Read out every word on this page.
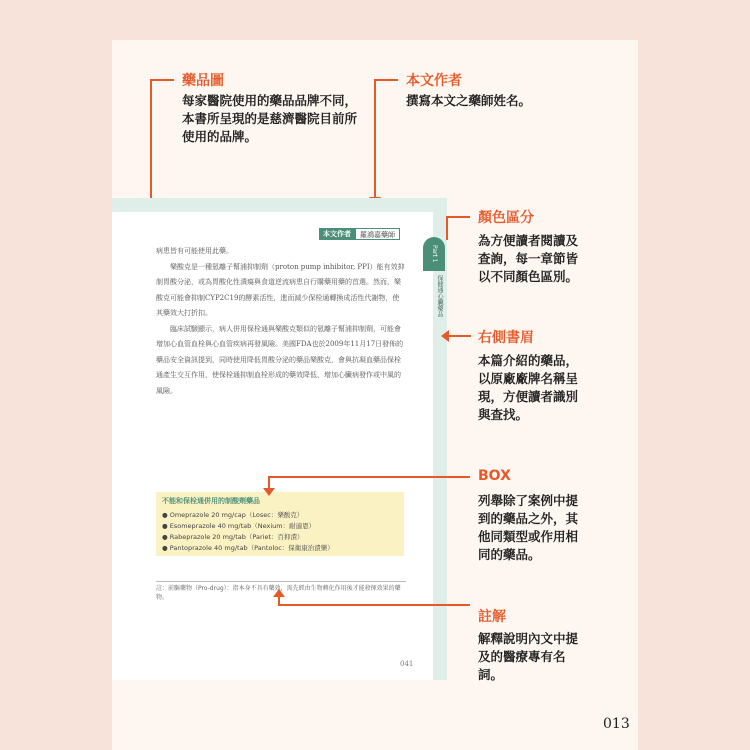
藥品圖
每家醫院使用的藥品品牌不同，本書所呈現的是慈濟醫院目前所使用的品牌。
本文作者
撰寫本文之藥師姓名。
本文作者	羅鴻嘉藥師

病患皆有可能使用此藥。

樂酸克是一種氫離子幫浦抑制劑（proton pump inhibitor, PPI）能有效抑制胃酸分泌，或為胃酸化性潰瘍與食道逆流病患自行購藥用藥的首選。然而，樂酸克可能會抑制CYP2C19的酵素活性，進而減少保栓通轉換成活性代謝物，使其藥效大打折扣。

臨床試驗顯示，病人併用保栓通與樂酸克類似的氫離子幫浦抑制劑，可能會增加心血管血栓與心血管疾病再發風險。美國FDA也於2009年11月17日發佈的藥品安全資訊提到，同時使用降低胃酸分泌的藥品樂酸克，會與抗凝血藥品保栓通產生交互作用，使保栓通抑制血栓形成的藥效降低，增加心臟病發作或中風的風險。

不能和保栓通併用的制酸劑藥品
● Omeprazole 20 mg/cap（Losec：樂酸克）
● Esomeprazole 40 mg/tab（Nexium：耐適恩）
● Rabeprazole 20 mg/tab（Pariet：百抑潰）
● Pantoprazole 40 mg/tab（Pantoloc：保衛康治潰樂）
註：前驅藥物（Pro-drug）：指本身不具有藥效，需先經由生物轉化作用後才能發揮效果的藥物。
041
Part 1
保健通心臟藥品
顏色區分
為方便讀者閱讀及查詢，每一章節皆以不同顏色區別。
右側書眉
本篇介紹的藥品，以原廠廠牌名稱呈現，方便讀者識別與查找。
BOX
列舉除了案例中提到的藥品之外，其他同類型或作用相同的藥品。
註解
解釋說明內文中提及的醫療專有名詞。
013
